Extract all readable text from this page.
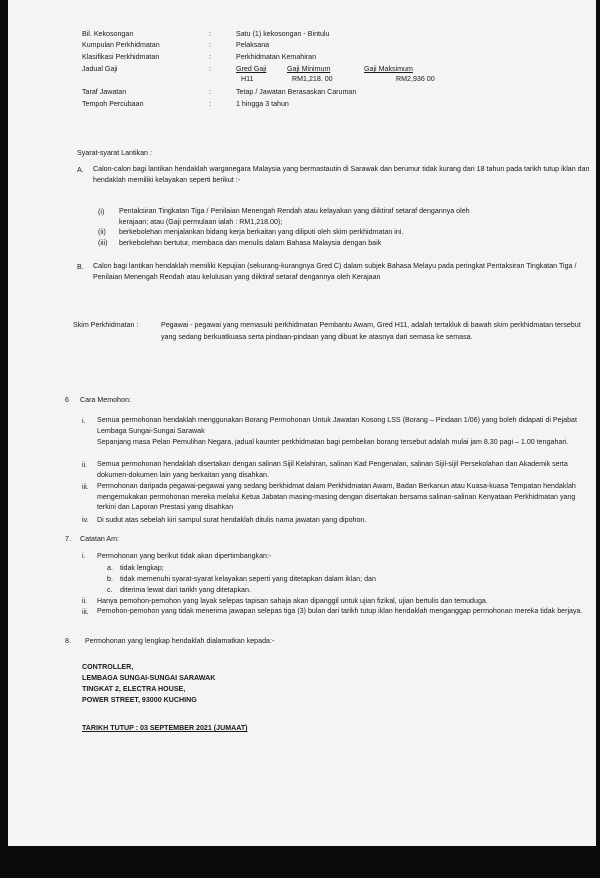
Bil. Kekosongan	:	Satu (1) kekosongan - Bintulu
Kumpulan Perkhidmatan	:	Pelaksana
Klasifikasi Perkhidmatan	:	Perkhidmatan Kemahiran
Jadual Gaji	:	Gred Gaji	Gaji Minimum	Gaji Maksimum
H11	RM1,218. 00	RM2,936 00
Taraf Jawatan	:	Tetap / Jawatan Berasaskan Caruman
Tempoh Percubaan	:	1 hingga 3 tahun
Syarat-syarat Lantikan :
A. Calon-calon bagi lantikan hendaklah warganegara Malaysia yang bermastautin di Sarawak dan berumur tidak kurang dari 18 tahun pada tarikh tutup iklan dan hendaklah memiliki kelayakan seperti berikut :-
(i) Pentaksiran Tingkatan Tiga / Penilaian Menengah Rendah atau kelayakan yang diiktiraf setaraf dengannya oleh kerajaan; atau (Gaji permulaan ialah : RM1,218.00);
(ii) berkebolehan menjalankan bidang kerja berkaitan yang diliputi oleh skim perkhidmatan ini.
(iii) berkebolehan bertutur, membaca dan menulis dalam Bahasa Malaysia dengan baik
B. Calon bagi lantikan hendaklah memiliki Kepujian (sekurang-kurangnya Gred C) dalam subjek Bahasa Melayu pada peringkat Pentaksiran Tingkatan Tiga / Penilaian Menengah Rendah atau kelulusan yang diiktiraf setaraf dengannya oleh Kerajaan
Skim Perkhidmatan :	Pegawai - pegawai yang memasuki perkhidmatan Pembantu Awam, Gred H11, adalah tertakluk di bawah skim perkhidmatan tersebut yang sedang berkuatkuasa serta pindaan-pindaan yang dibuat ke atasnya dari semasa ke semasa.
6 Cara Memohon:
i. Semua permohonan hendaklah menggunakan Borang Permohonan Untuk Jawatan Kosong LSS (Borang – Pindaan 1/06) yang boleh didapati di Pejabat Lembaga Sungai-Sungai Sarawak
Sepanjang masa Pelan Pemulihan Negara, jadual kaunter perkhidmatan bagi pembelian borang tersebut adalah mulai jam 8.30 pagi – 1.00 tengahari.
ii. Semua permohonan hendaklah disertakan dengan salinan Sijil Kelahiran, salinan Kad Pengenalan, salinan Sijil-sijil Persekolahan dan Akademik serta dokumen-dokumen lain yang berkaitan yang disahkan.
iii. Permohonan daripada pegawai-pegawai yang sedang berkhidmat dalam Perkhidmatan Awam, Badan Berkanun atau Kuasa-kuasa Tempatan hendaklah mengemukakan permohonan mereka melalui Ketua Jabatan masing-masing dengan disertakan bersama salinan-salinan Kenyataan Perkhidmatan yang terkini dan Laporan Prestasi yang disahkan
iv. Di sudut atas sebelah kiri sampul surat hendaklah ditulis nama jawatan yang dipohon.
7. Catatan Am:
i. Permohonan yang berikut tidak akan dipertimbangkan:-
a. tidak lengkap;
b. tidak memenuhi syarat-syarat kelayakan seperti yang ditetapkan dalam iklan; dan
c. diterima lewat dari tarikh yang ditetapkan.
ii. Hanya pemohon-pemohon yang layak selepas tapisan sahaja akan dipanggil untuk ujian fizikal, ujian bertulis dan temuduga.
iii. Pemohon-pemohon yang tidak menerima jawapan selepas tiga (3) bulan dari tarikh tutup iklan hendaklah menganggap permohonan mereka tidak berjaya.
8. Permohonan yang lengkap hendaklah dialamatkan kepada:-
CONTROLLER,
LEMBAGA SUNGAI-SUNGAI SARAWAK
TINGKAT 2, ELECTRA HOUSE,
POWER STREET, 93000 KUCHING
TARIKH TUTUP : 03 SEPTEMBER 2021 (JUMAAT)
